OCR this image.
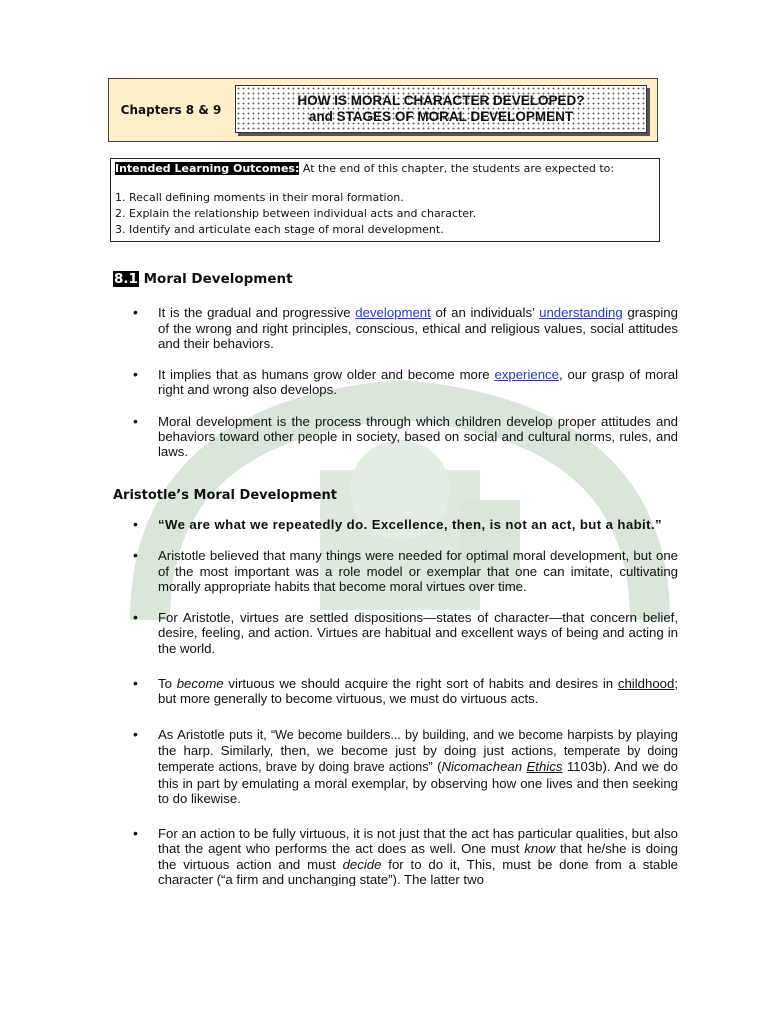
Chapters 8 & 9
HOW IS MORAL CHARACTER DEVELOPED?
and STAGES OF MORAL DEVELOPMENT
Intended Learning Outcomes: At the end of this chapter, the students are expected to:
1. Recall defining moments in their moral formation.
2. Explain the relationship between individual acts and character.
3. Identify and articulate each stage of moral development.
8.1 Moral Development
• It is the gradual and progressive development of an individuals’ understanding grasping of the wrong and right principles, conscious, ethical and religious values, social attitudes and their behaviors.
• It implies that as humans grow older and become more experience, our grasp of moral right and wrong also develops.
• Moral development is the process through which children develop proper attitudes and behaviors toward other people in society, based on social and cultural norms, rules, and laws.
Aristotle’s Moral Development
• “We are what we repeatedly do. Excellence, then, is not an act, but a habit.”
• Aristotle believed that many things were needed for optimal moral development, but one of the most important was a role model or exemplar that one can imitate, cultivating morally appropriate habits that become moral virtues over time.
• For Aristotle, virtues are settled dispositions—states of character—that concern belief, desire, feeling, and action. Virtues are habitual and excellent ways of being and acting in the world.
• To become virtuous we should acquire the right sort of habits and desires in childhood; but more generally to become virtuous, we must do virtuous acts.
• As Aristotle puts it, “We become builders... by building, and we become harpists by playing the harp. Similarly, then, we become just by doing just actions, temperate by doing temperate actions, brave by doing brave actions” (Nicomachean Ethics 1103b). And we do this in part by emulating a moral exemplar, by observing how one lives and then seeking to do likewise.
• For an action to be fully virtuous, it is not just that the act has particular qualities, but also that the agent who performs the act does as well. One must know that he/she is doing the virtuous action and must decide for to do it, This, must be done from a stable character (“a firm and unchanging state”). The latter two
